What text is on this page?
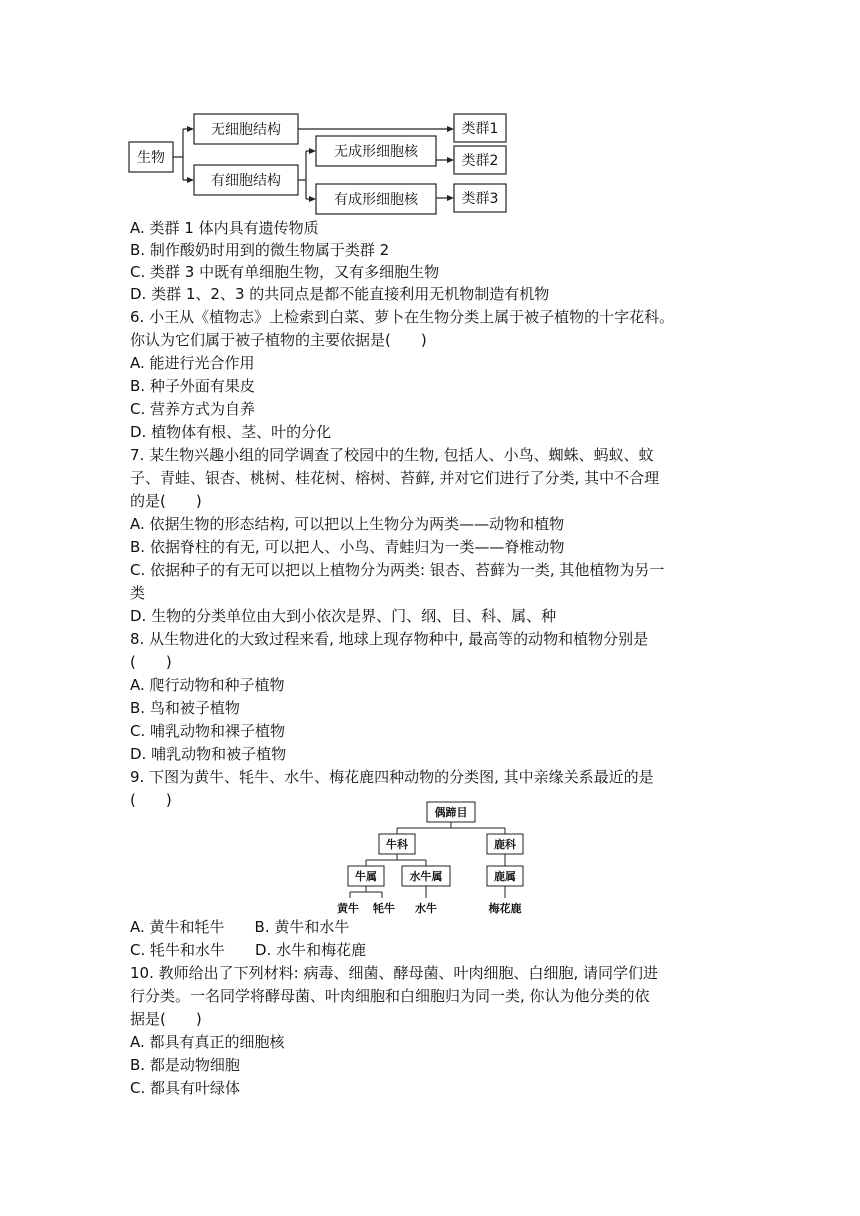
生物
无细胞结构
有细胞结构
无成形细胞核
有成形细胞核
类群1
类群2
类群3
A. 类群 1 体内具有遗传物质
B. 制作酸奶时用到的微生物属于类群 2
C. 类群 3 中既有单细胞生物，又有多细胞生物
D. 类群 1、2、3 的共同点是都不能直接利用无机物制造有机物
6. 小王从《植物志》上检索到白菜、萝卜在生物分类上属于被子植物的十字花科。
你认为它们属于被子植物的主要依据是(　　)
A. 能进行光合作用
B. 种子外面有果皮
C. 营养方式为自养
D. 植物体有根、茎、叶的分化
7. 某生物兴趣小组的同学调查了校园中的生物, 包括人、小鸟、蜘蛛、蚂蚁、蚊
子、青蛙、银杏、桃树、桂花树、榕树、苔藓, 并对它们进行了分类, 其中不合理
的是(　　)
A. 依据生物的形态结构, 可以把以上生物分为两类——动物和植物
B. 依据脊柱的有无, 可以把人、小鸟、青蛙归为一类——脊椎动物
C. 依据种子的有无可以把以上植物分为两类: 银杏、苔藓为一类, 其他植物为另一
类
D. 生物的分类单位由大到小依次是界、门、纲、目、科、属、种
8. 从生物进化的大致过程来看, 地球上现存物种中, 最高等的动物和植物分别是
(　　)
A. 爬行动物和种子植物
B. 鸟和被子植物
C. 哺乳动物和裸子植物
D. 哺乳动物和被子植物
9. 下图为黄牛、牦牛、水牛、梅花鹿四种动物的分类图, 其中亲缘关系最近的是
(　　)
偶蹄目
牛科	鹿科
牛属	水牛属	鹿属
黄牛 牦牛 水牛	梅花鹿
A. 黄牛和牦牛　　B. 黄牛和水牛
C. 牦牛和水牛　　D. 水牛和梅花鹿
10. 教师给出了下列材料: 病毒、细菌、酵母菌、叶肉细胞、白细胞, 请同学们进
行分类。一名同学将酵母菌、叶肉细胞和白细胞归为同一类, 你认为他分类的依
据是(　　)
A. 都具有真正的细胞核
B. 都是动物细胞
C. 都具有叶绿体
